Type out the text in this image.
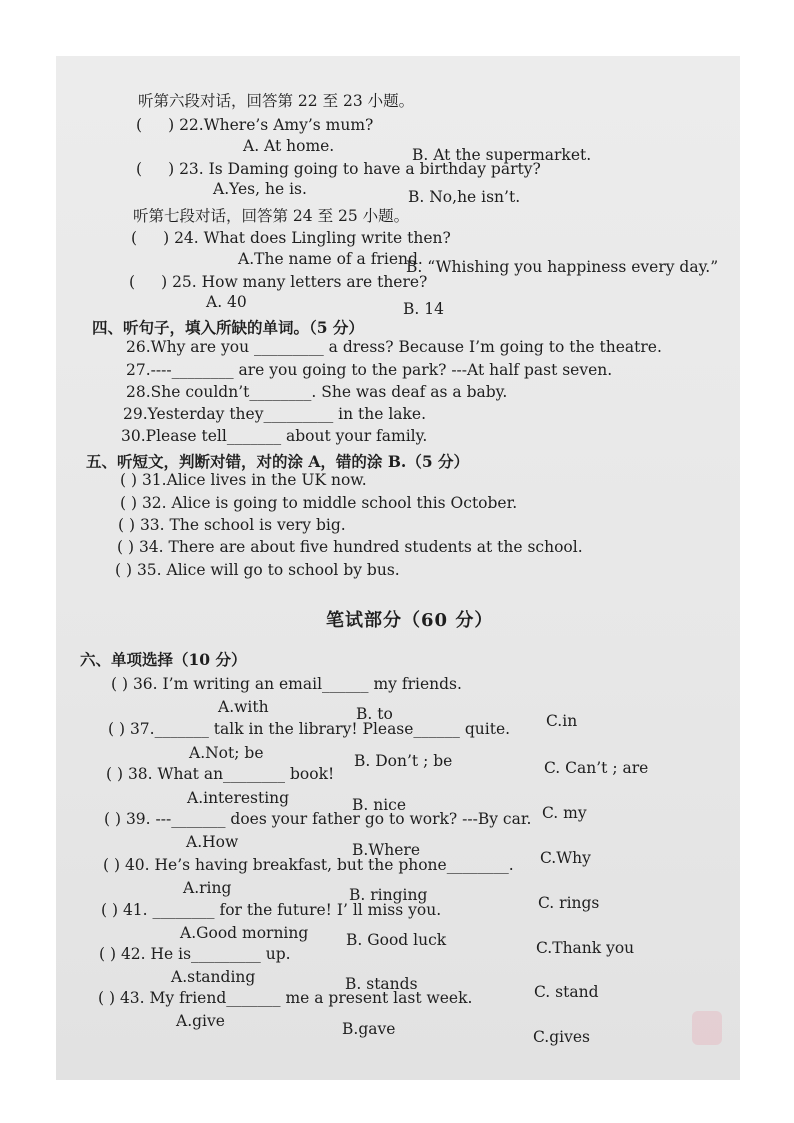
听第六段对话，回答第 22 至 23 小题。
( ) 22.Where’s Amy’s mum?
A. At home.	B. At the supermarket.
( ) 23. Is Daming going to have a birthday party?
A.Yes, he is.	B. No,he isn’t.
听第七段对话，回答第 24 至 25 小题。
( ) 24. What does Lingling write then?
A.The name of a friend.
B. “Whishing you happiness every day.”
( ) 25. How many letters are there?
A. 40	B. 14
四、听句子，填入所缺的单词。（5 分）
26.Why are you _________ a dress? Because I’m going to the theatre.
27.----________ are you going to the park? ---At half past seven.
28.She couldn’t________. She was deaf as a baby.
29.Yesterday they_________ in the lake.
30.Please tell_______ about your family.
五、听短文，判断对错，对的涂 A，错的涂 B.（5 分）
( ) 31.Alice lives in the UK now.
( ) 32. Alice is going to middle school this October.
( ) 33. The school is very big.
( ) 34. There are about five hundred students at the school.
( ) 35. Alice will go to school by bus.
笔试部分（60 分）
六、单项选择（10 分）
( ) 36. I’m writing an email______ my friends.
A.with	B. to	C.in
( ) 37._______ talk in the library! Please______ quite.
A.Not; be	B. Don’t ; be	C. Can’t ; are
( ) 38. What an________ book!
A.interesting	B. nice	C. my
( ) 39. ---_______ does your father go to work? ---By car.
A.How	B.Where	C.Why
( ) 40. He’s having breakfast, but the phone________.
A.ring	B. ringing	C. rings
( ) 41. ________ for the future! I’ ll miss you.
A.Good morning B. Good luck	C.Thank you
( ) 42. He is_________ up.
A.standing	B. stands	C. stand
( ) 43. My friend_______ me a present last week.
A.give	B.gave	C.gives
